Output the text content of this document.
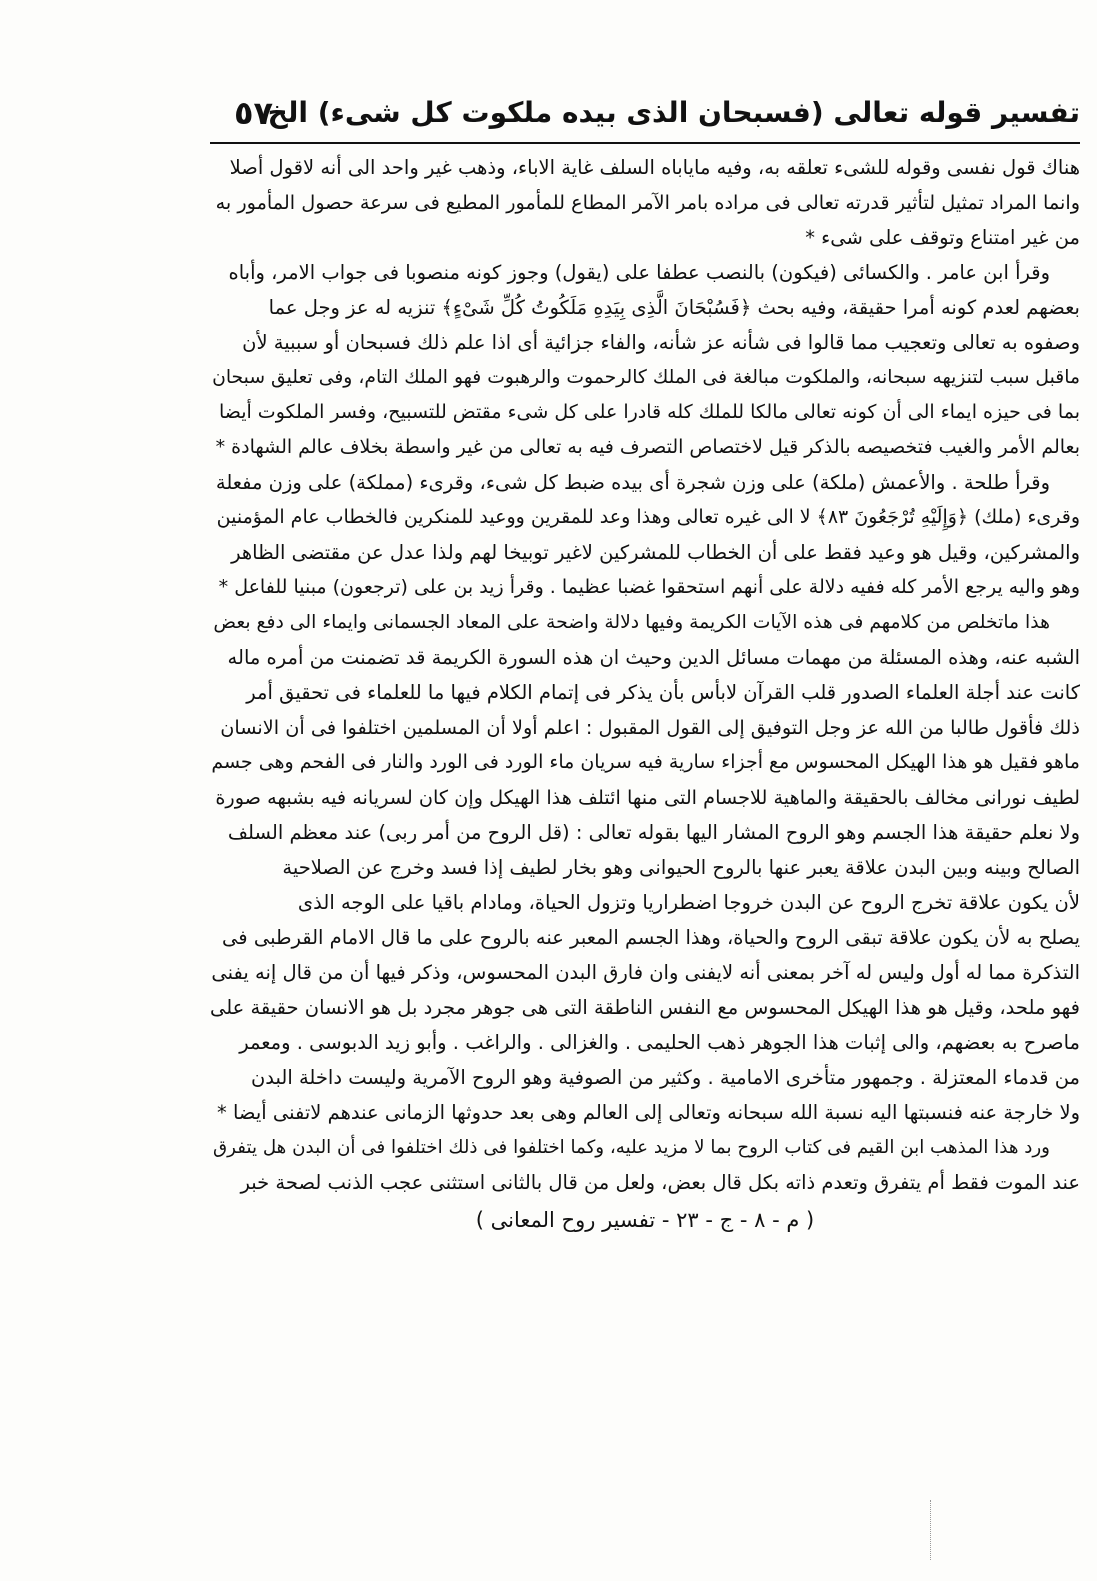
تفسير قوله تعالى (فسبحان الذى بيده ملكوت كل شىء) الخ
٥٧
هناك قول نفسى وقوله للشىء تعلقه به، وفيه ماياباه السلف غاية الاباء، وذهب غير واحد الى أنه لاقول أصلا
وانما المراد تمثيل لتأثير قدرته تعالى فى مراده بامر الآمر المطاع للمأمور المطيع فى سرعة حصول المأمور به
من غير امتناع وتوقف على شىء *
وقرأ ابن عامر . والكسائى (فيكون) بالنصب عطفا على (يقول) وجوز كونه منصوبا فى جواب الامر، وأباه
بعضهم لعدم كونه أمرا حقيقة، وفيه بحث ﴿فَسُبْحَانَ الَّذِى بِيَدِهِ مَلَكُوتُ كُلِّ شَىْءٍ﴾ تنزيه له عز وجل عما
وصفوه به تعالى وتعجيب مما قالوا فى شأنه عز شأنه، والفاء جزائية أى اذا علم ذلك فسبحان أو سببية لأن
ماقبل سبب لتنزيهه سبحانه، والملكوت مبالغة فى الملك كالرحموت والرهبوت فهو الملك التام، وفى تعليق سبحان
بما فى حيزه ايماء الى أن كونه تعالى مالكا للملك كله قادرا على كل شىء مقتض للتسبيح، وفسر الملكوت أيضا
بعالم الأمر والغيب فتخصيصه بالذكر قيل لاختصاص التصرف فيه به تعالى من غير واسطة بخلاف عالم الشهادة *
وقرأ طلحة . والأعمش (ملكة) على وزن شجرة أى بيده ضبط كل شىء، وقرىء (مملكة) على وزن مفعلة
وقرىء (ملك) ﴿وَإِلَيْهِ تُرْجَعُونَ ٨٣﴾ لا الى غيره تعالى وهذا وعد للمقرين ووعيد للمنكرين فالخطاب عام المؤمنين
والمشركين، وقيل هو وعيد فقط على أن الخطاب للمشركين لاغير توبيخا لهم ولذا عدل عن مقتضى الظاهر
وهو واليه يرجع الأمر كله ففيه دلالة على أنهم استحقوا غضبا عظيما . وقرأ زيد بن على (ترجعون) مبنيا للفاعل *
هذا ماتخلص من كلامهم فى هذه الآيات الكريمة وفيها دلالة واضحة على المعاد الجسمانى وايماء الى دفع بعض
الشبه عنه، وهذه المسئلة من مهمات مسائل الدين وحيث ان هذه السورة الكريمة قد تضمنت من أمره ماله
كانت عند أجلة العلماء الصدور قلب القرآن لابأس بأن يذكر فى إتمام الكلام فيها ما للعلماء فى تحقيق أمر
ذلك فأقول طالبا من الله عز وجل التوفيق إلى القول المقبول : اعلم أولا أن المسلمين اختلفوا فى أن الانسان
ماهو فقيل هو هذا الهيكل المحسوس مع أجزاء سارية فيه سريان ماء الورد فى الورد والنار فى الفحم وهى جسم
لطيف نورانى مخالف بالحقيقة والماهية للاجسام التى منها ائتلف هذا الهيكل وإن كان لسريانه فيه بشبهه صورة
ولا نعلم حقيقة هذا الجسم وهو الروح المشار اليها بقوله تعالى : (قل الروح من أمر ربى) عند معظم السلف
الصالح وبينه وبين البدن علاقة يعبر عنها بالروح الحيوانى وهو بخار لطيف إذا فسد وخرج عن الصلاحية
لأن يكون علاقة تخرج الروح عن البدن خروجا اضطراريا وتزول الحياة، ومادام باقيا على الوجه الذى
يصلح به لأن يكون علاقة تبقى الروح والحياة، وهذا الجسم المعبر عنه بالروح على ما قال الامام القرطبى فى
التذكرة مما له أول وليس له آخر بمعنى أنه لايفنى وان فارق البدن المحسوس، وذكر فيها أن من قال إنه يفنى
فهو ملحد، وقيل هو هذا الهيكل المحسوس مع النفس الناطقة التى هى جوهر مجرد بل هو الانسان حقيقة على
ماصرح به بعضهم، والى إثبات هذا الجوهر ذهب الحليمى . والغزالى . والراغب . وأبو زيد الدبوسى . ومعمر
من قدماء المعتزلة . وجمهور متأخرى الامامية . وكثير من الصوفية وهو الروح الآمرية وليست داخلة البدن
ولا خارجة عنه فنسبتها اليه نسبة الله سبحانه وتعالى إلى العالم وهى بعد حدوثها الزمانى عندهم لاتفنى أيضا *
ورد هذا المذهب ابن القيم فى كتاب الروح بما لا مزيد عليه، وكما اختلفوا فى ذلك اختلفوا فى أن البدن هل يتفرق
عند الموت فقط أم يتفرق وتعدم ذاته بكل قال بعض، ولعل من قال بالثانى استثنى عجب الذنب لصحة خبر
( م - ٨ - ج - ٢٣ - تفسير روح المعانى )
